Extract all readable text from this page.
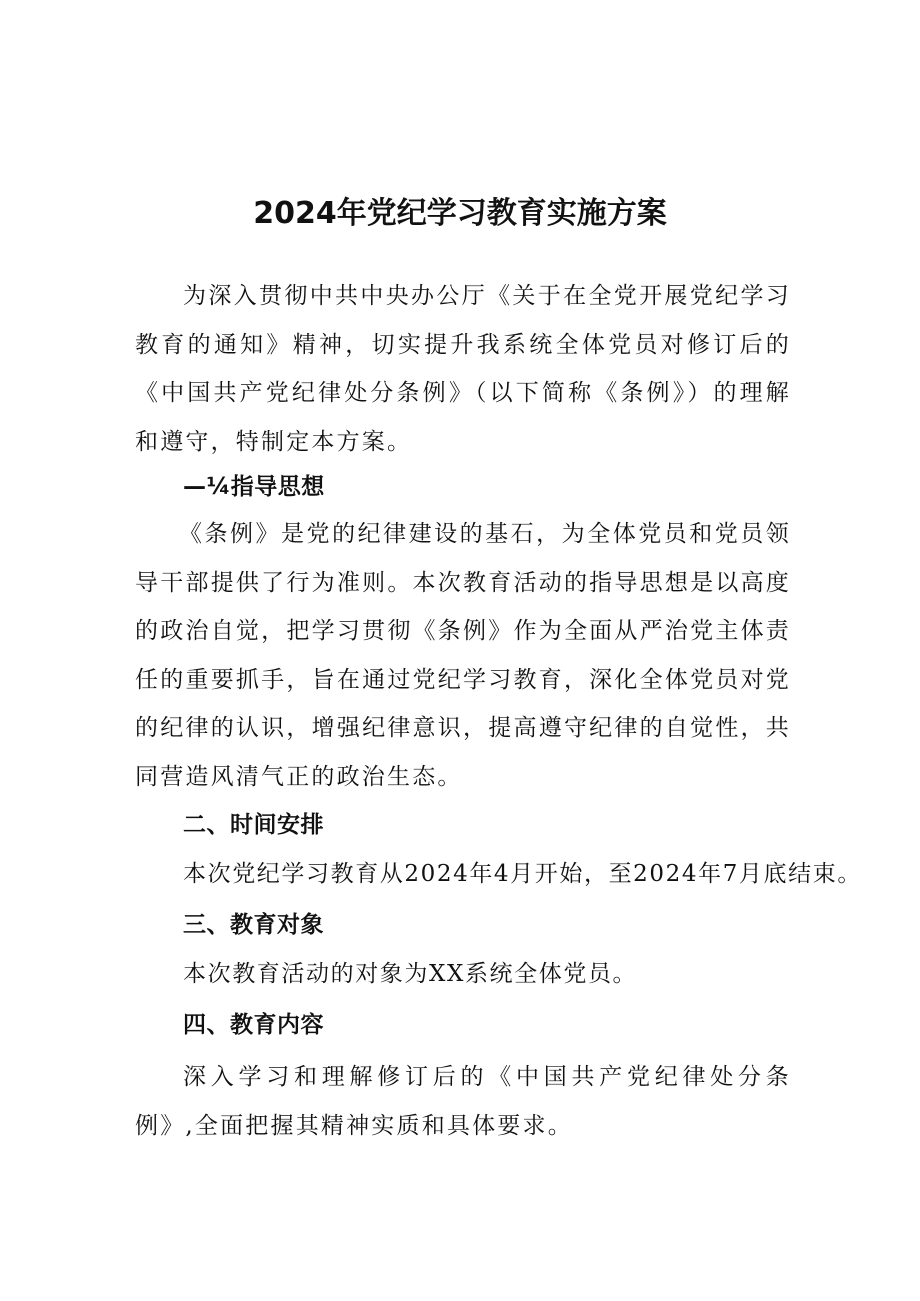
2024年党纪学习教育实施方案

为深入贯彻中共中央办公厅《关于在全党开展党纪学习教育的通知》精神，切实提升我系统全体党员对修订后的《中国共产党纪律处分条例》（以下简称《条例》）的理解和遵守，特制定本方案。

—¼指导思想

《条例》是党的纪律建设的基石，为全体党员和党员领导干部提供了行为准则。本次教育活动的指导思想是以高度的政治自觉，把学习贯彻《条例》作为全面从严治党主体责任的重要抓手，旨在通过党纪学习教育，深化全体党员对党的纪律的认识，增强纪律意识，提高遵守纪律的自觉性，共同营造风清气正的政治生态。

二、时间安排

本次党纪学习教育从2024年4月开始，至2024年7月底结束。

三、教育对象

本次教育活动的对象为XX系统全体党员。

四、教育内容

深入学习和理解修订后的《中国共产党纪律处分条例》,全面把握其精神实质和具体要求。
